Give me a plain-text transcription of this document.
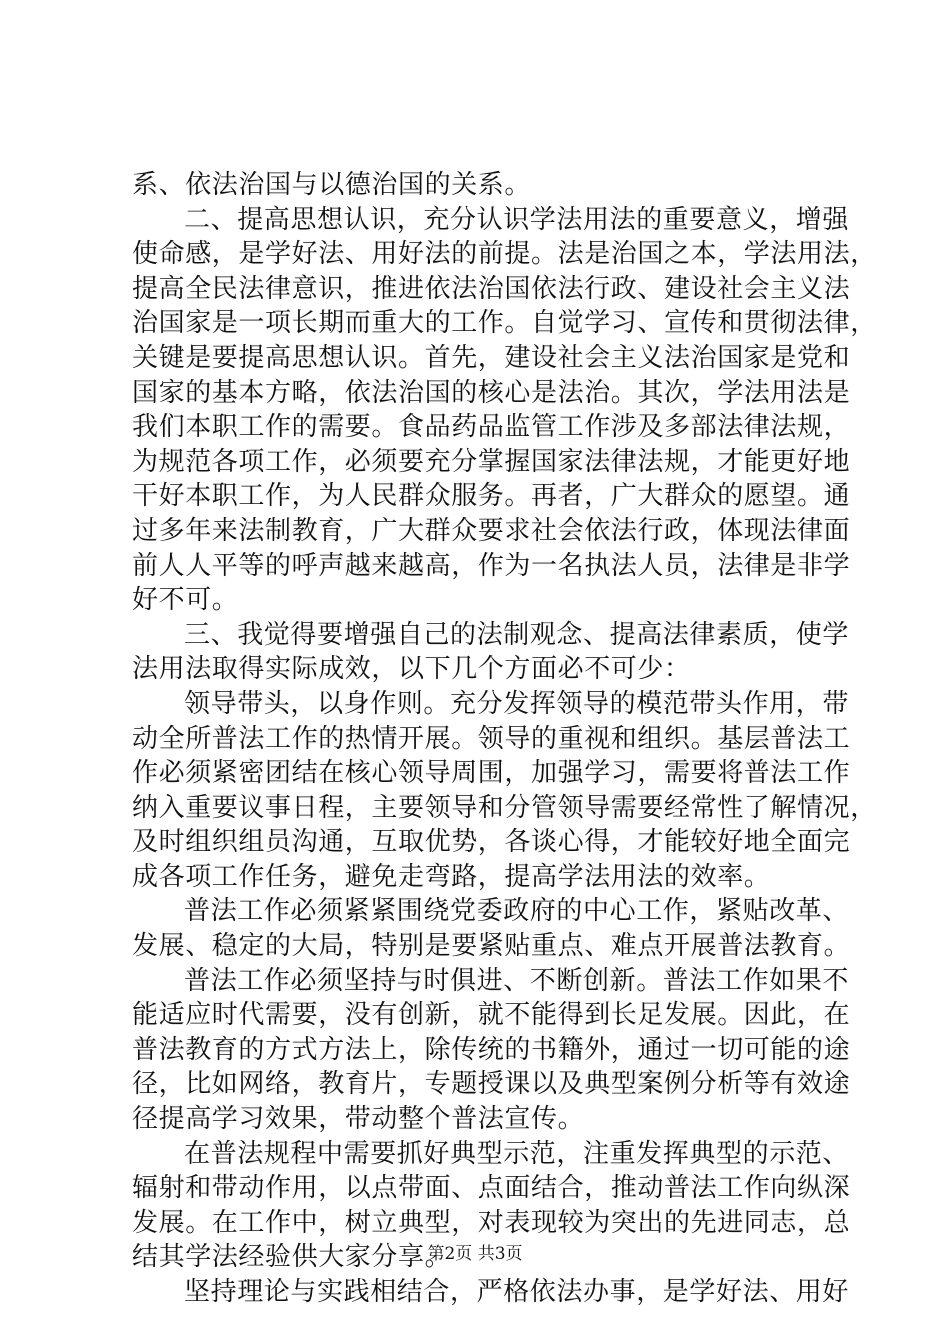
系、依法治国与以德治国的关系。
二、提高思想认识，充分认识学法用法的重要意义，增强
使命感，是学好法、用好法的前提。法是治国之本，学法用法，
提高全民法律意识，推进依法治国依法行政、建设社会主义法
治国家是一项长期而重大的工作。自觉学习、宣传和贯彻法律，
关键是要提高思想认识。首先，建设社会主义法治国家是党和
国家的基本方略，依法治国的核心是法治。其次，学法用法是
我们本职工作的需要。食品药品监管工作涉及多部法律法规，
为规范各项工作，必须要充分掌握国家法律法规，才能更好地
干好本职工作，为人民群众服务。再者，广大群众的愿望。通
过多年来法制教育，广大群众要求社会依法行政，体现法律面
前人人平等的呼声越来越高，作为一名执法人员，法律是非学
好不可。
三、我觉得要增强自己的法制观念、提高法律素质，使学
法用法取得实际成效，以下几个方面必不可少：
领导带头，以身作则。充分发挥领导的模范带头作用，带
动全所普法工作的热情开展。领导的重视和组织。基层普法工
作必须紧密团结在核心领导周围，加强学习，需要将普法工作
纳入重要议事日程，主要领导和分管领导需要经常性了解情况，
及时组织组员沟通，互取优势，各谈心得，才能较好地全面完
成各项工作任务，避免走弯路，提高学法用法的效率。
普法工作必须紧紧围绕党委政府的中心工作，紧贴改革、
发展、稳定的大局，特别是要紧贴重点、难点开展普法教育。
普法工作必须坚持与时俱进、不断创新。普法工作如果不
能适应时代需要，没有创新，就不能得到长足发展。因此，在
普法教育的方式方法上，除传统的书籍外，通过一切可能的途
径，比如网络，教育片，专题授课以及典型案例分析等有效途
径提高学习效果，带动整个普法宣传。
在普法规程中需要抓好典型示范，注重发挥典型的示范、
辐射和带动作用，以点带面、点面结合，推动普法工作向纵深
发展。在工作中，树立典型，对表现较为突出的先进同志，总
结其学法经验供大家分享。
坚持理论与实践相结合，严格依法办事，是学好法、用好
第2页 共3页
